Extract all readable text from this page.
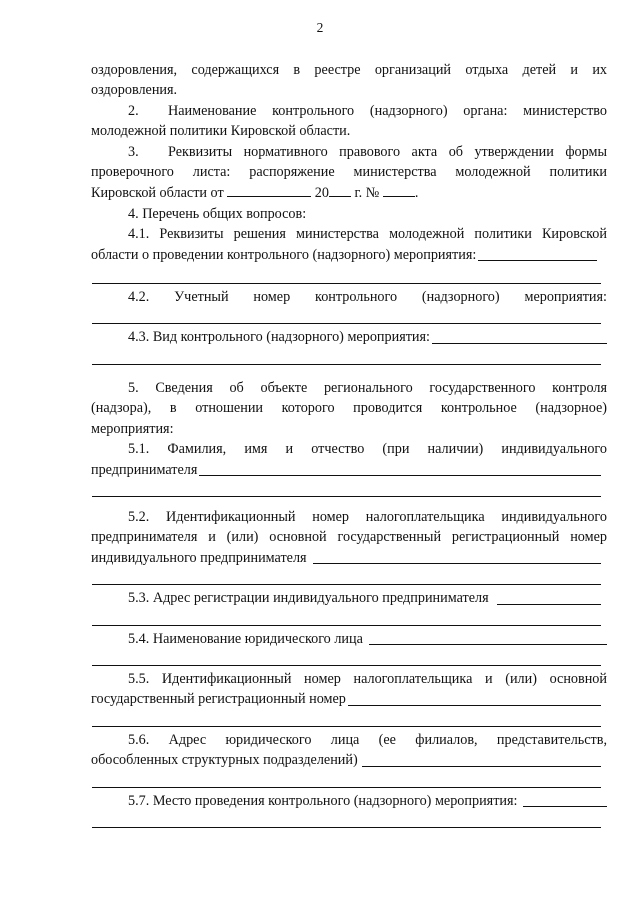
2

оздоровления, содержащихся в реестре организаций отдыха детей и их

оздоровления.

2. Наименование контрольного (надзорного) органа: министерство

молодежной политики Кировской области.

3. Реквизиты нормативного правового акта об утверждении формы

проверочного листа: распоряжение министерства молодежной политики

Кировской области от	20 г. №	.

4. Перечень общих вопросов:

4.1. Реквизиты решения министерства молодежной политики Кировской

области о проведении контрольного (надзорного) мероприятия:

4.2. Учетный номер контрольного (надзорного) мероприятия:

4.3. Вид контрольного (надзорного) мероприятия:

5. Сведения об объекте регионального государственного контроля

(надзора), в отношении которого проводится контрольное (надзорное)

мероприятия:

5.1. Фамилия, имя и отчество (при наличии) индивидуального

предпринимателя

5.2. Идентификационный номер налогоплательщика индивидуального

предпринимателя и (или) основной государственный регистрационный номер

индивидуального предпринимателя
5.3. Адрес регистрации индивидуального предпринимателя
5.4. Наименование юридического лица

5.5. Идентификационный номер налогоплательщика и (или) основной

государственный регистрационный номер

5.6. Адрес юридического лица (ее филиалов, представительств,

обособленных структурных подразделений)
5.7. Место проведения контрольного (надзорного) мероприятия:
